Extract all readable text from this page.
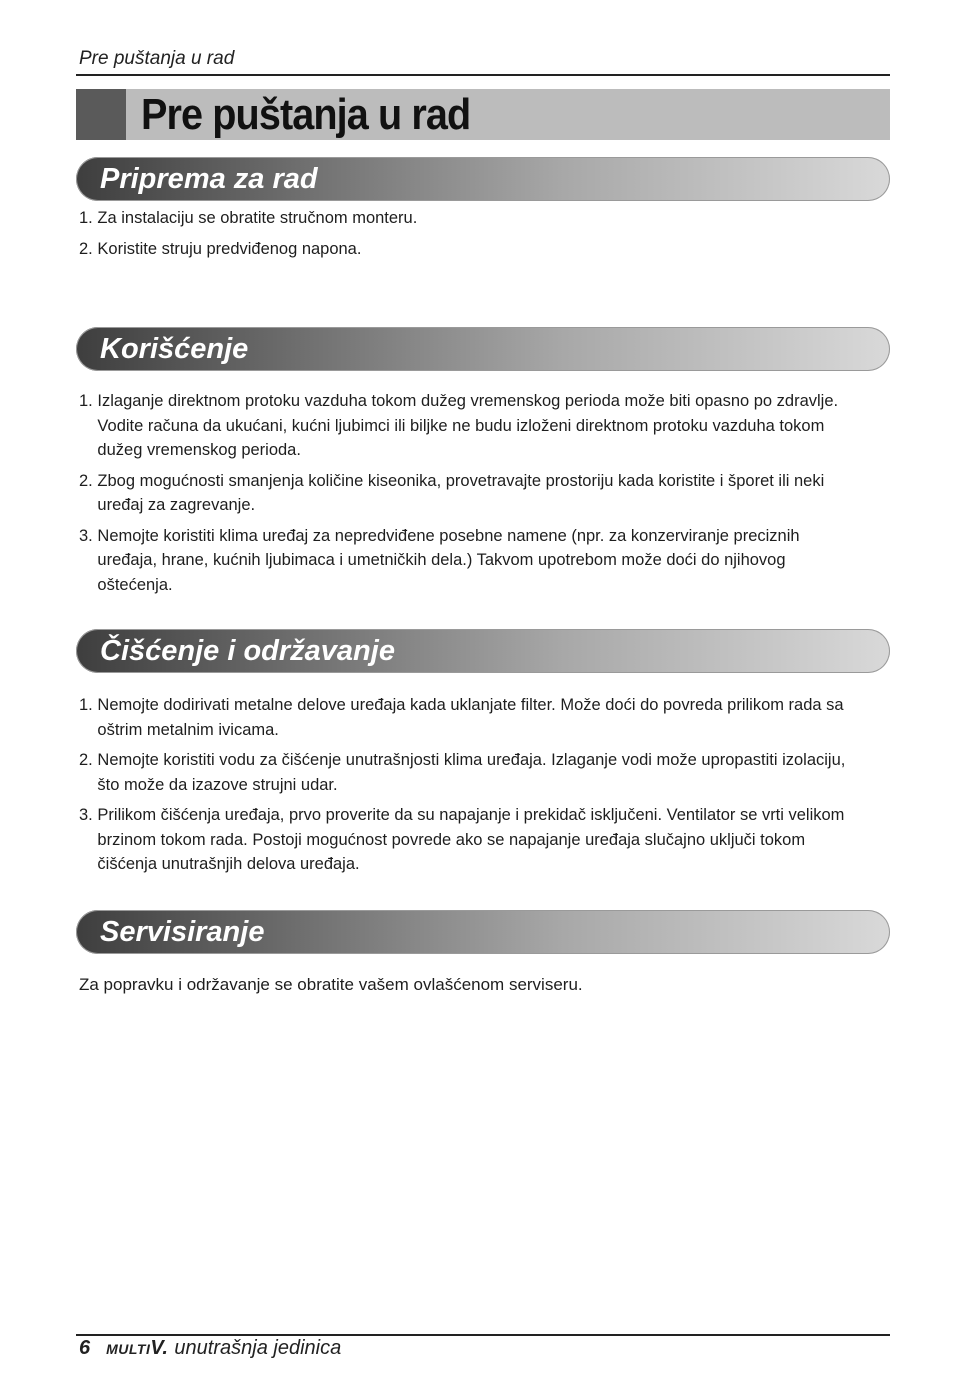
Pre puštanja u rad
Pre puštanja u rad
Priprema za rad
1. Za instalaciju se obratite stručnom monteru.
2. Koristite struju predviđenog napona.
Korišćenje
1. Izlaganje direktnom protoku vazduha tokom dužeg vremenskog perioda može biti opasno po zdravlje. Vodite računa da ukućani, kućni ljubimci ili biljke ne budu izloženi direktnom protoku vazduha tokom dužeg vremenskog perioda.
2. Zbog mogućnosti smanjenja količine kiseonika, provetravajte prostoriju kada koristite i šporet ili neki uređaj za zagrevanje.
3. Nemojte koristiti klima uređaj za nepredviđene posebne namene (npr. za konzerviranje preciznih uređaja, hrane, kućnih ljubimaca i umetničkih dela.) Takvom upotrebom može doći do njihovog oštećenja.
Čišćenje i održavanje
1. Nemojte dodirivati metalne delove uređaja kada uklanjate filter. Može doći do povreda prilikom rada sa oštrim metalnim ivicama.
2. Nemojte koristiti vodu za čišćenje unutrašnjosti klima uređaja. Izlaganje vodi može upropastiti izolaciju, što može da izazove strujni udar.
3. Prilikom čišćenja uređaja, prvo proverite da su napajanje i prekidač isključeni. Ventilator se vrti velikom brzinom tokom rada. Postoji mogućnost povrede ako se napajanje uređaja slučajno uključi tokom čišćenja unutrašnjih delova uređaja.
Servisiranje
Za popravku i održavanje se obratite vašem ovlašćenom serviseru.
6 MULTIV. unutrašnja jedinica
